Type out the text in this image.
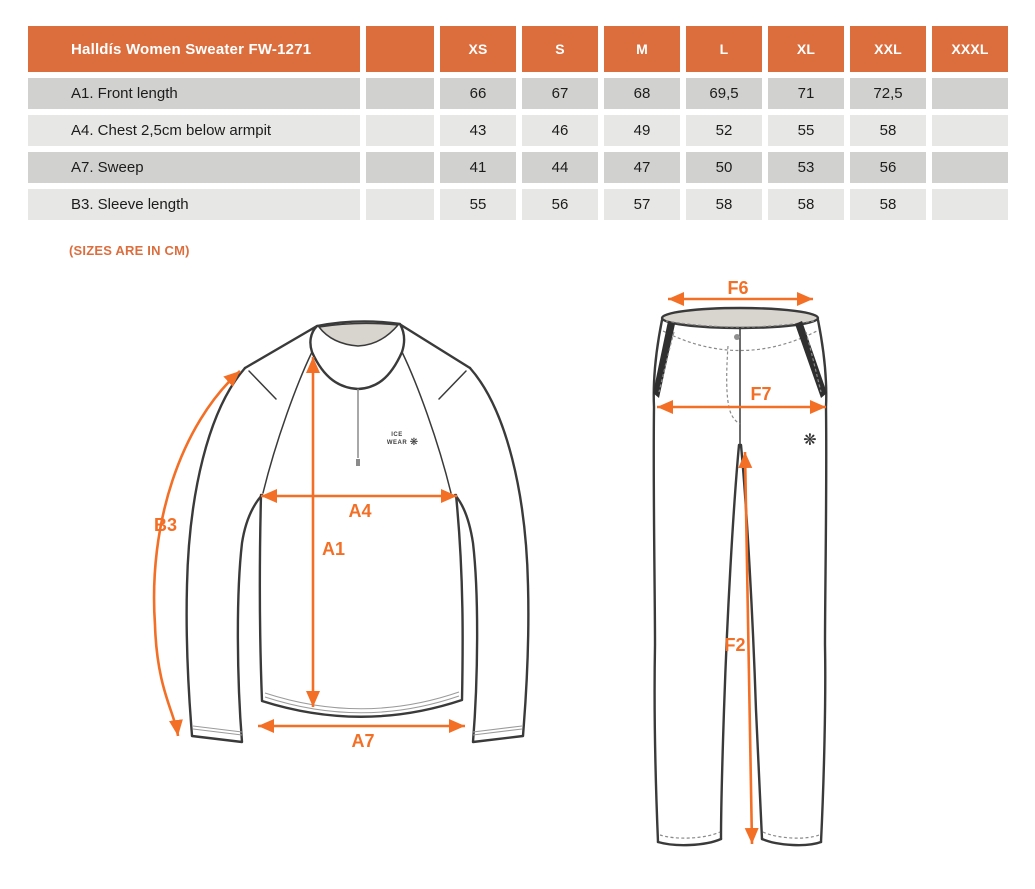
Halldís Women Sweater FW-1271	XS	S	M	L	XL	XXL	XXXL
A1. Front length	66	67	68	69,5	71	72,5
A4. Chest 2,5cm below armpit	43	46	49	52	55	58
A7. Sweep	41	44	47	50	53	56
B3. Sleeve length	55	56	57	58	58	58
(SIZES ARE IN CM)
ICE
WEAR ❋
B3
A4
A1
A7
❋
F6
F7
F2
